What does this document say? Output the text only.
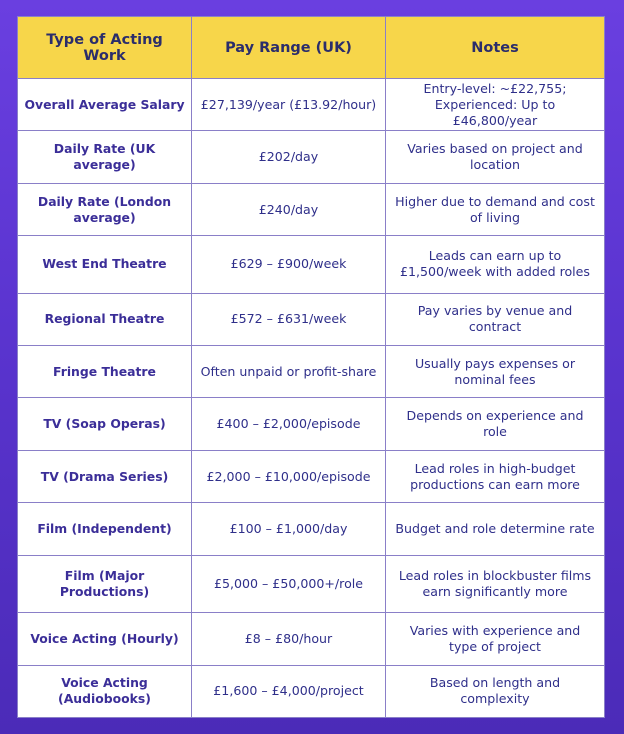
Type of Acting Work	Pay Range (UK)	Notes
Overall Average Salary	£27,139/year (£13.92/hour)	Entry-level: ~£22,755; Experienced: Up to £46,800/year
Daily Rate (UK average)	£202/day	Varies based on project and location
Daily Rate (London average)	£240/day	Higher due to demand and cost of living
West End Theatre	£629 – £900/week	Leads can earn up to £1,500/week with added roles
Regional Theatre	£572 – £631/week	Pay varies by venue and contract
Fringe Theatre	Often unpaid or profit-share	Usually pays expenses or nominal fees
TV (Soap Operas)	£400 – £2,000/episode	Depends on experience and role
TV (Drama Series)	£2,000 – £10,000/episode	Lead roles in high-budget productions can earn more
Film (Independent)	£100 – £1,000/day	Budget and role determine rate
Film (Major Productions)	£5,000 – £50,000+/role	Lead roles in blockbuster films earn significantly more
Voice Acting (Hourly)	£8 – £80/hour	Varies with experience and type of project
Voice Acting (Audiobooks)	£1,600 – £4,000/project	Based on length and complexity
